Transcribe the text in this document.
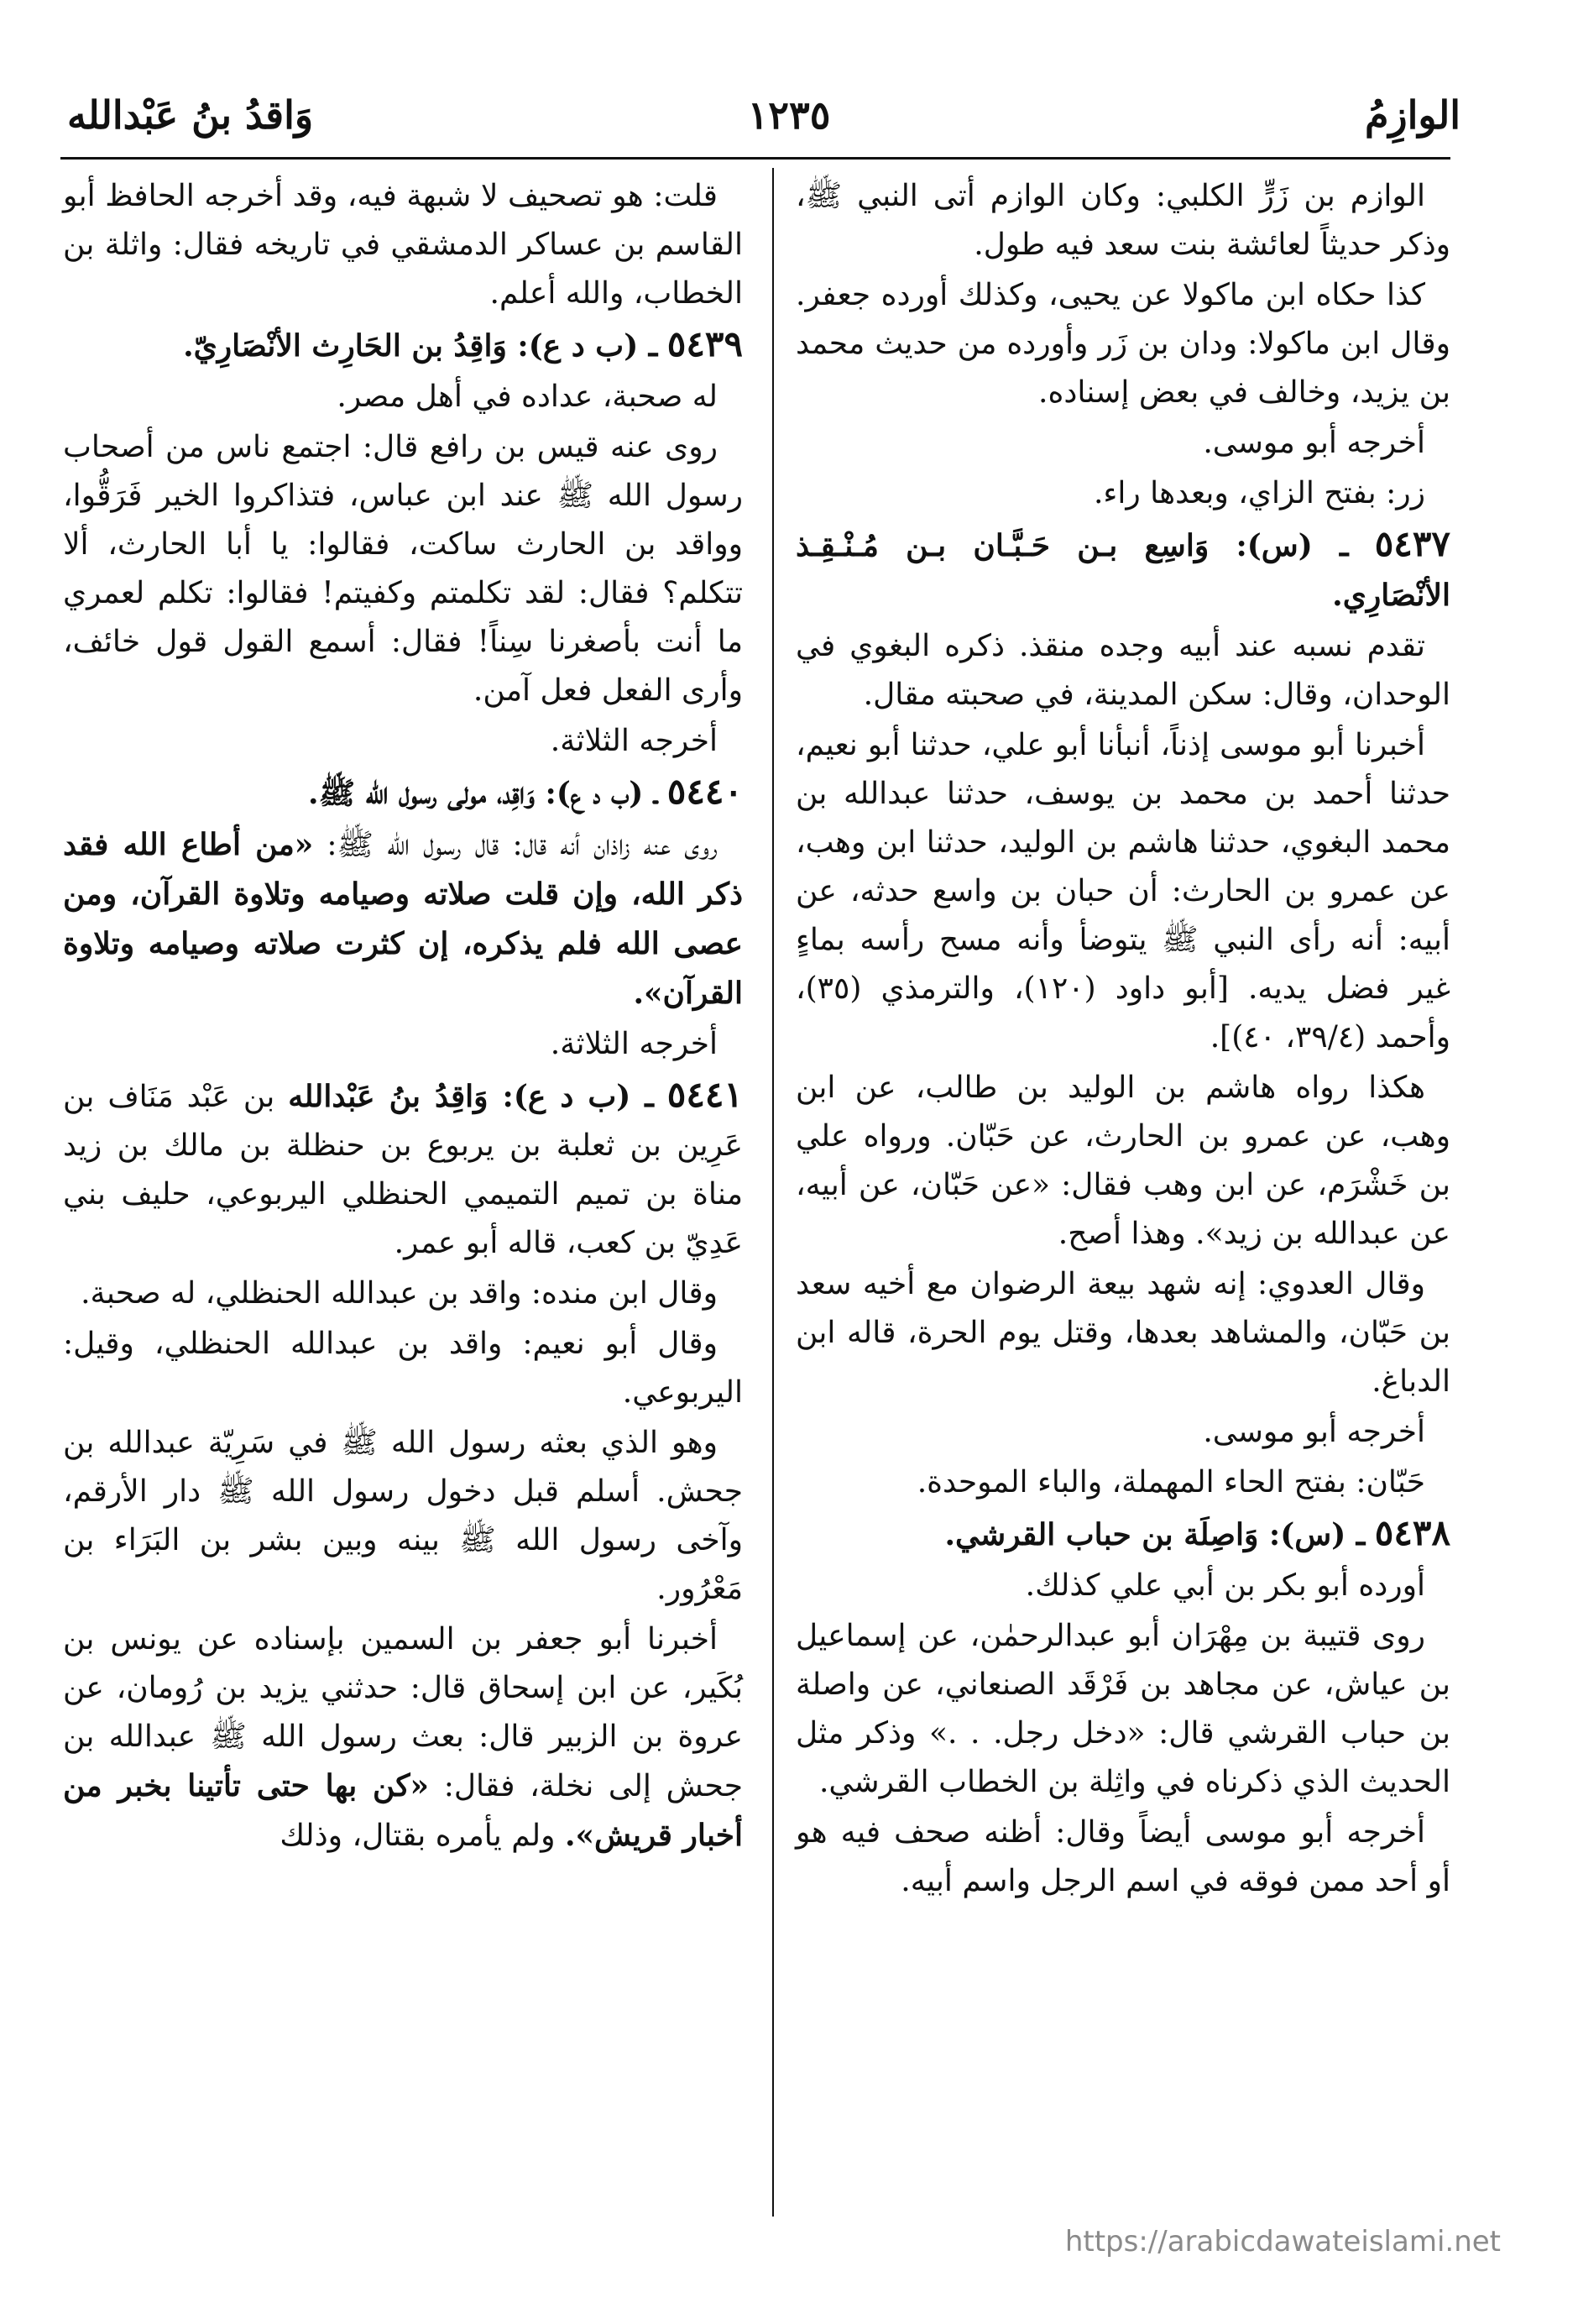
الوازِمُ
١٢٣٥
وَاقدُ بنُ عَبْدالله

الوازم بن زَرٍّ الكلبي: وكان الوازم أتى النبي ﷺ، وذكر حديثاً لعائشة بنت سعد فيه طول.

كذا حكاه ابن ماكولا عن يحيى، وكذلك أورده جعفر. وقال ابن ماكولا: ودان بن زَر وأورده من حديث محمد بن يزيد، وخالف في بعض إسناده.

أخرجه أبو موسى.

زر: بفتح الزاي، وبعدها راء.

٥٤٣٧ ـ (س): وَاسِع بـن حَـبَّـان بـن مُـنْـقِـذ الأنْصَارِي.

تقدم نسبه عند أبيه وجده منقذ. ذكره البغوي في الوحدان، وقال: سكن المدينة، في صحبته مقال.

أخبرنا أبو موسى إذناً، أنبأنا أبو علي، حدثنا أبو نعيم، حدثنا أحمد بن محمد بن يوسف، حدثنا عبدالله بن محمد البغوي، حدثنا هاشم بن الوليد، حدثنا ابن وهب، عن عمرو بن الحارث: أن حبان بن واسع حدثه، عن أبيه: أنه رأى النبي ﷺ يتوضأ وأنه مسح رأسه بماءٍ غير فضل يديه. [أبو داود (١٢٠)، والترمذي (٣٥)، وأحمد (٣٩/٤، ٤٠)].

هكذا رواه هاشم بن الوليد بن طالب، عن ابن وهب، عن عمرو بن الحارث، عن حَبّان. ورواه علي بن خَشْرَم، عن ابن وهب فقال: «عن حَبّان، عن أبيه، عن عبدالله بن زيد». وهذا أصح.

وقال العدوي: إنه شهد بيعة الرضوان مع أخيه سعد بن حَبّان، والمشاهد بعدها، وقتل يوم الحرة، قاله ابن الدباغ.

أخرجه أبو موسى.

حَبّان: بفتح الحاء المهملة، والباء الموحدة.

٥٤٣٨ ـ (س): وَاصِلَة بن حباب القرشي.

أورده أبو بكر بن أبي علي كذلك.

روى قتيبة بن مِهْرَان أبو عبدالرحمٰن، عن إسماعيل بن عياش، عن مجاهد بن فَرْقَد الصنعاني، عن واصلة بن حباب القرشي قال: «دخل رجل. . .» وذكر مثل الحديث الذي ذكرناه في واثِلة بن الخطاب القرشي.

أخرجه أبو موسى أيضاً وقال: أظنه صحف فيه هو أو أحد ممن فوقه في اسم الرجل واسم أبيه.

قلت: هو تصحيف لا شبهة فيه، وقد أخرجه الحافظ أبو القاسم بن عساكر الدمشقي في تاريخه فقال: واثلة بن الخطاب، والله أعلم.

٥٤٣٩ ـ (ب د ع): وَاقِدُ بن الحَارِث الأنْصَارِيّ.

له صحبة، عداده في أهل مصر.

روى عنه قيس بن رافع قال: اجتمع ناس من أصحاب رسول الله ﷺ عند ابن عباس، فتذاكروا الخير فَرَقُّوا، وواقد بن الحارث ساكت، فقالوا: يا أبا الحارث، ألا تتكلم؟ فقال: لقد تكلمتم وكفيتم! فقالوا: تكلم لعمري ما أنت بأصغرنا سِناً! فقال: أسمع القول قول خائف، وأرى الفعل فعل آمن.

أخرجه الثلاثة.

٥٤٤٠ ـ (ب د ع): وَاقِد، مولى رسول الله ﷺ.

روى عنه زاذان أنه قال: قال رسول الله ﷺ: «من أطاع الله فقد ذكر الله، وإن قلت صلاته وصيامه وتلاوة القرآن، ومن عصى الله فلم يذكره، إن كثرت صلاته وصيامه وتلاوة القرآن».

أخرجه الثلاثة.

٥٤٤١ ـ (ب د ع): وَاقِدُ بنُ عَبْدالله بن عَبْد مَنَاف بن عَرِين بن ثعلبة بن يربوع بن حنظلة بن مالك بن زيد مناة بن تميم التميمي الحنظلي اليربوعي، حليف بني عَدِيّ بن كعب، قاله أبو عمر.

وقال ابن منده: واقد بن عبدالله الحنظلي، له صحبة.

وقال أبو نعيم: واقد بن عبدالله الحنظلي، وقيل: اليربوعي.

وهو الذي بعثه رسول الله ﷺ في سَرِيّة عبدالله بن جحش. أسلم قبل دخول رسول الله ﷺ دار الأرقم، وآخى رسول الله ﷺ بينه وبين بشر بن البَرَاء بن مَعْرُور.

أخبرنا أبو جعفر بن السمين بإسناده عن يونس بن بُكَير، عن ابن إسحاق قال: حدثني يزيد بن رُومان، عن عروة بن الزبير قال: بعث رسول الله ﷺ عبدالله بن جحش إلى نخلة، فقال: «كن بها حتى تأتينا بخبر من أخبار قريش». ولم يأمره بقتال، وذلك

https://arabicdawateislami.net
